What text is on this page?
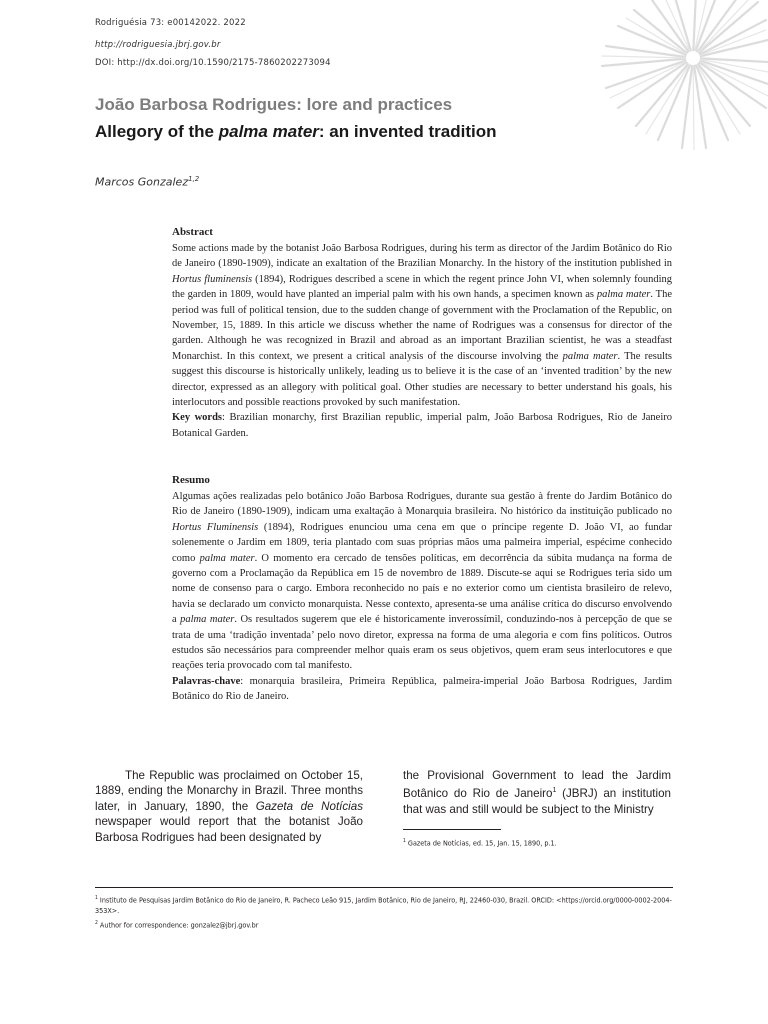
Rodriguésia 73: e00142022. 2022
http://rodriguesia.jbrj.gov.br
DOI: http://dx.doi.org/10.1590/2175-7860202273094
João Barbosa Rodrigues: lore and practices
Allegory of the palma mater: an invented tradition
Marcos Gonzalez$^{1,2}$
Abstract
Some actions made by the botanist João Barbosa Rodrigues, during his term as director of the Jardim Botânico do Rio de Janeiro (1890-1909), indicate an exaltation of the Brazilian Monarchy. In the history of the institution published in Hortus fluminensis (1894), Rodrigues described a scene in which the regent prince John VI, when solemnly founding the garden in 1809, would have planted an imperial palm with his own hands, a specimen known as palma mater. The period was full of political tension, due to the sudden change of government with the Proclamation of the Republic, on November, 15, 1889. In this article we discuss whether the name of Rodrigues was a consensus for director of the garden. Although he was recognized in Brazil and abroad as an important Brazilian scientist, he was a steadfast Monarchist. In this context, we present a critical analysis of the discourse involving the palma mater. The results suggest this discourse is historically unlikely, leading us to believe it is the case of an ‘invented tradition’ by the new director, expressed as an allegory with political goal. Other studies are necessary to better understand his goals, his interlocutors and possible reactions provoked by such manifestation.
Key words: Brazilian monarchy, first Brazilian republic, imperial palm, João Barbosa Rodrigues, Rio de Janeiro Botanical Garden.
Resumo
Algumas ações realizadas pelo botânico João Barbosa Rodrigues, durante sua gestão à frente do Jardim Botânico do Rio de Janeiro (1890-1909), indicam uma exaltação à Monarquia brasileira. No histórico da instituição publicado no Hortus Fluminensis (1894), Rodrigues enunciou uma cena em que o príncipe regente D. João VI, ao fundar solenemente o Jardim em 1809, teria plantado com suas próprias mãos uma palmeira imperial, espécime conhecido como palma mater. O momento era cercado de tensões políticas, em decorrência da súbita mudança na forma de governo com a Proclamação da República em 15 de novembro de 1889. Discute-se aqui se Rodrigues teria sido um nome de consenso para o cargo. Embora reconhecido no país e no exterior como um cientista brasileiro de relevo, havia se declarado um convicto monarquista. Nesse contexto, apresenta-se uma análise crítica do discurso envolvendo a palma mater. Os resultados sugerem que ele é historicamente inverossímil, conduzindo-nos à percepção de que se trata de uma ‘tradição inventada’ pelo novo diretor, expressa na forma de uma alegoria e com fins políticos. Outros estudos são necessários para compreender melhor quais eram os seus objetivos, quem eram seus interlocutores e que reações teria provocado com tal manifesto.
Palavras-chave: monarquia brasileira, Primeira República, palmeira-imperial João Barbosa Rodrigues, Jardim Botânico do Rio de Janeiro.
The Republic was proclaimed on October 15, 1889, ending the Monarchy in Brazil. Three months later, in January, 1890, the Gazeta de Notícias newspaper would report that the botanist João Barbosa Rodrigues had been designated by
the Provisional Government to lead the Jardim Botânico do Rio de Janeiro$^1$ (JBRJ) an institution that was and still would be subject to the Ministry
$^1$ Gazeta de Notícias, ed. 15, Jan. 15, 1890, p.1.
$^1$ Instituto de Pesquisas Jardim Botânico do Rio de Janeiro, R. Pacheco Leão 915, Jardim Botânico, Rio de Janeiro, RJ, 22460-030, Brazil. ORCID: <https://orcid.org/0000-0002-2004-353X>.
$^2$ Author for correspondence: gonzalez@jbrj.gov.br
